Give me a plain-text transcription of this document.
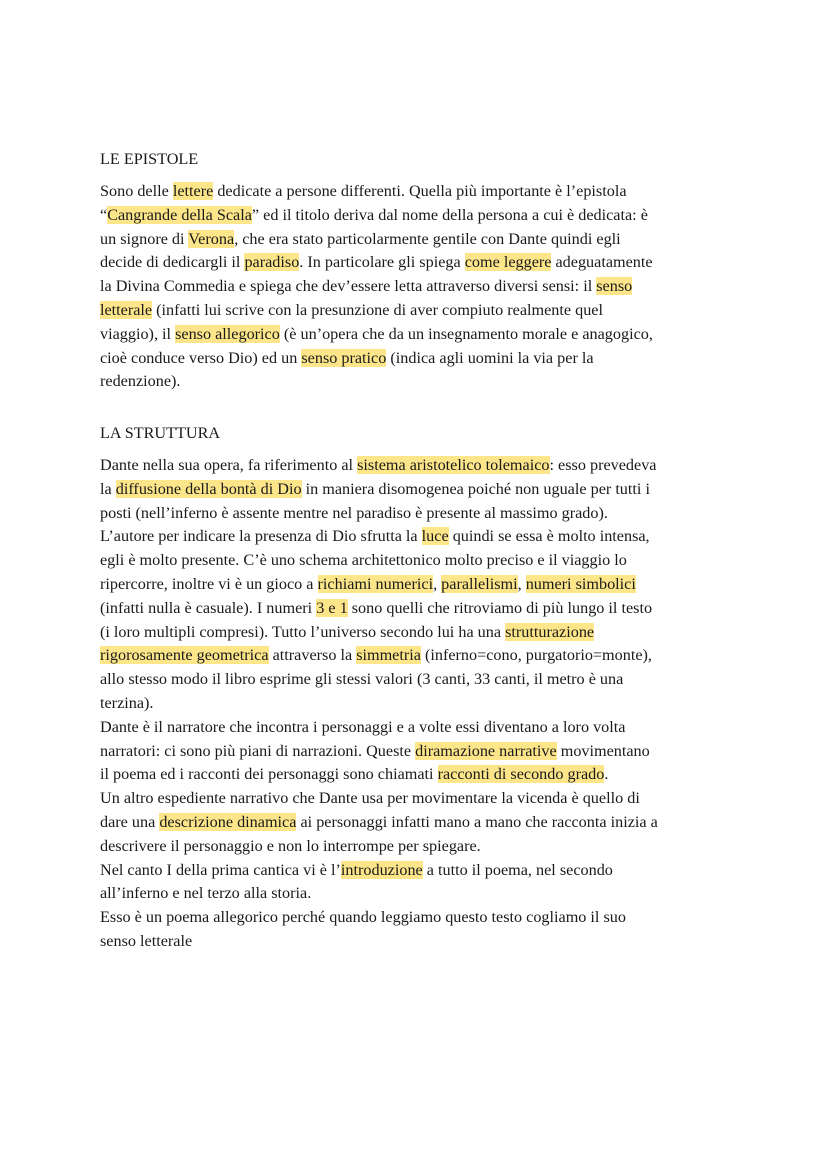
LE EPISTOLE
Sono delle lettere dedicate a persone differenti. Quella più importante è l’epistola
“Cangrande della Scala” ed il titolo deriva dal nome della persona a cui è dedicata: è
un signore di Verona, che era stato particolarmente gentile con Dante quindi egli
decide di dedicargli il paradiso. In particolare gli spiega come leggere adeguatamente
la Divina Commedia e spiega che dev’essere letta attraverso diversi sensi: il senso
letterale (infatti lui scrive con la presunzione di aver compiuto realmente quel
viaggio), il senso allegorico (è un’opera che da un insegnamento morale e anagogico,
cioè conduce verso Dio) ed un senso pratico (indica agli uomini la via per la
redenzione).
LA STRUTTURA
Dante nella sua opera, fa riferimento al sistema aristotelico tolemaico: esso prevedeva
la diffusione della bontà di Dio in maniera disomogenea poiché non uguale per tutti i
posti (nell’inferno è assente mentre nel paradiso è presente al massimo grado).
L’autore per indicare la presenza di Dio sfrutta la luce quindi se essa è molto intensa,
egli è molto presente. C’è uno schema architettonico molto preciso e il viaggio lo
ripercorre, inoltre vi è un gioco a richiami numerici, parallelismi, numeri simbolici
(infatti nulla è casuale). I numeri 3 e 1 sono quelli che ritroviamo di più lungo il testo
(i loro multipli compresi). Tutto l’universo secondo lui ha una strutturazione
rigorosamente geometrica attraverso la simmetria (inferno=cono, purgatorio=monte),
allo stesso modo il libro esprime gli stessi valori (3 canti, 33 canti, il metro è una
terzina).
Dante è il narratore che incontra i personaggi e a volte essi diventano a loro volta
narratori: ci sono più piani di narrazioni. Queste diramazione narrative movimentano
il poema ed i racconti dei personaggi sono chiamati racconti di secondo grado.
Un altro espediente narrativo che Dante usa per movimentare la vicenda è quello di
dare una descrizione dinamica ai personaggi infatti mano a mano che racconta inizia a
descrivere il personaggio e non lo interrompe per spiegare.
Nel canto I della prima cantica vi è l’introduzione a tutto il poema, nel secondo
all’inferno e nel terzo alla storia.
Esso è un poema allegorico perché quando leggiamo questo testo cogliamo il suo
senso letterale
